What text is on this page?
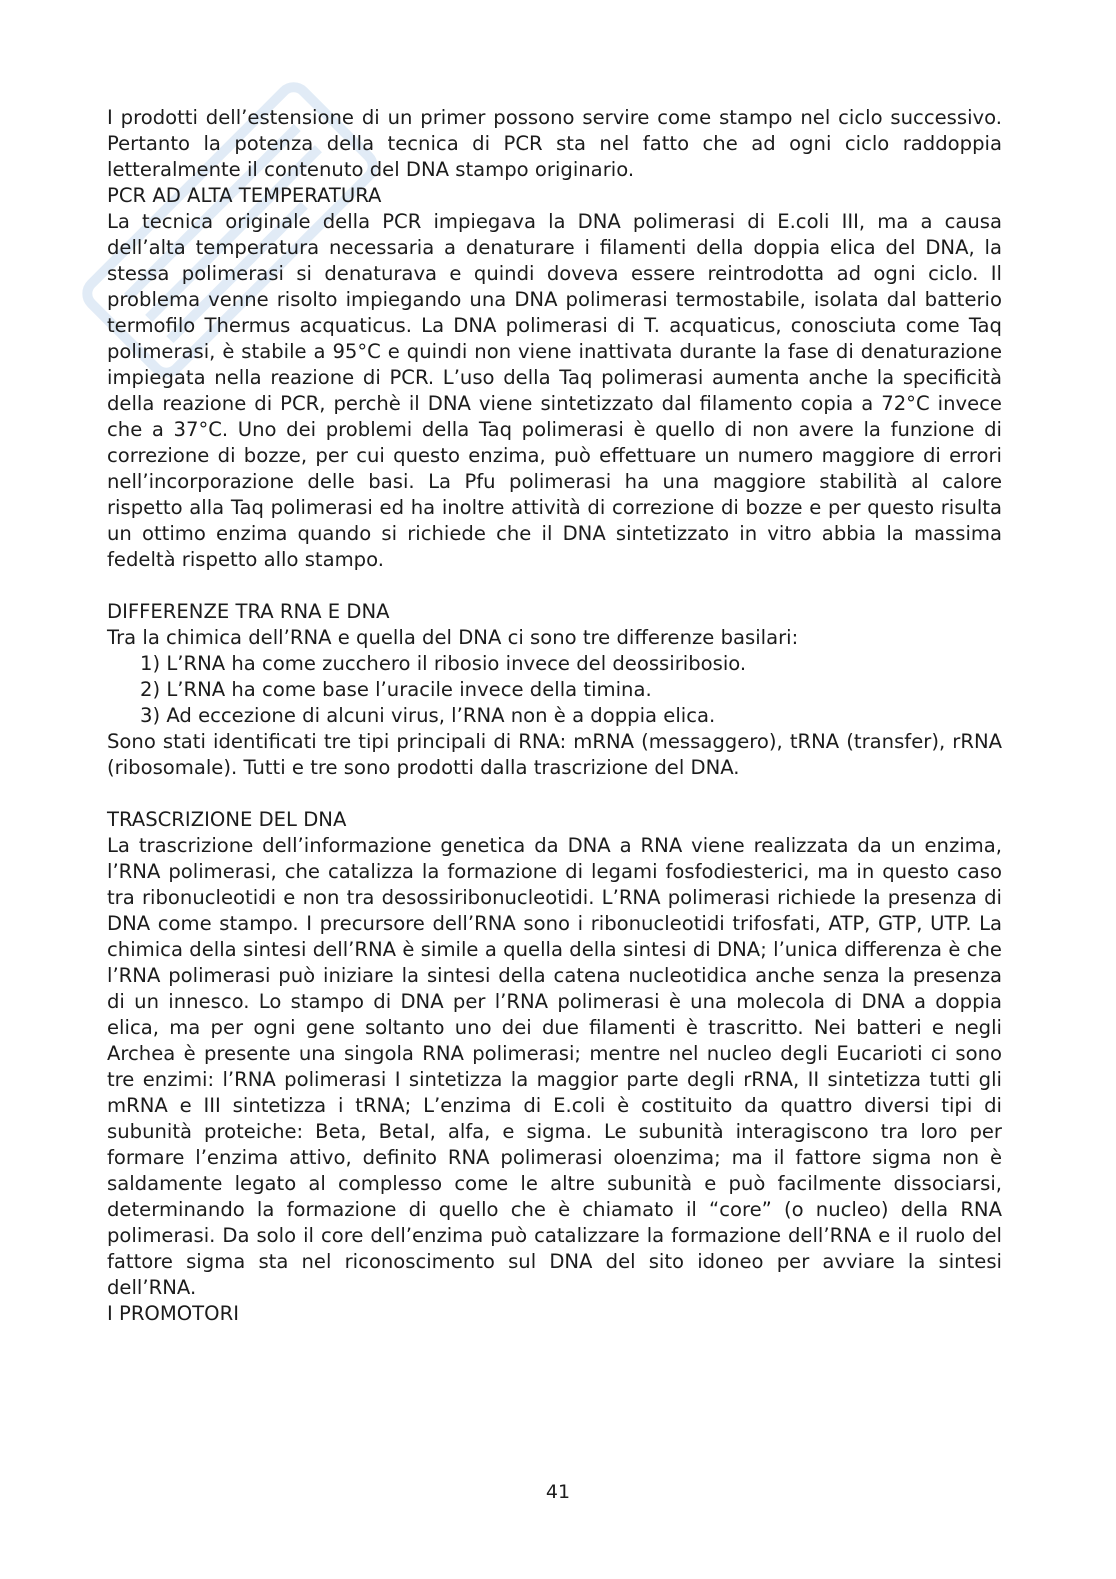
I prodotti dell’estensione di un primer possono servire come stampo nel ciclo successivo. Pertanto la potenza della tecnica di PCR sta nel fatto che ad ogni ciclo raddoppia letteralmente il contenuto del DNA stampo originario.

PCR AD ALTA TEMPERATURA

La tecnica originale della PCR impiegava la DNA polimerasi di E.coli III, ma a causa dell’alta temperatura necessaria a denaturare i filamenti della doppia elica del DNA, la stessa polimerasi si denaturava e quindi doveva essere reintrodotta ad ogni ciclo. Il problema venne risolto impiegando una DNA polimerasi termostabile, isolata dal batterio termofilo Thermus acquaticus. La DNA polimerasi di T. acquaticus, conosciuta come Taq polimerasi, è stabile a 95°C e quindi non viene inattivata durante la fase di denaturazione impiegata nella reazione di PCR. L’uso della Taq polimerasi aumenta anche la specificità della reazione di PCR, perchè il DNA viene sintetizzato dal filamento copia a 72°C invece che a 37°C. Uno dei problemi della Taq polimerasi è quello di non avere la funzione di correzione di bozze, per cui questo enzima, può effettuare un numero maggiore di errori nell’incorporazione delle basi. La Pfu polimerasi ha una maggiore stabilità al calore rispetto alla Taq polimerasi ed ha inoltre attività di correzione di bozze e per questo risulta un ottimo enzima quando si richiede che il DNA sintetizzato in vitro abbia la massima fedeltà rispetto allo stampo.

DIFFERENZE TRA RNA E DNA

Tra la chimica dell’RNA e quella del DNA ci sono tre differenze basilari:

1) L’RNA ha come zucchero il ribosio invece del deossiribosio.
2) L’RNA ha come base l’uracile invece della timina.
3) Ad eccezione di alcuni virus, l’RNA non è a doppia elica.

Sono stati identificati tre tipi principali di RNA: mRNA (messaggero), tRNA (transfer), rRNA (ribosomale). Tutti e tre sono prodotti dalla trascrizione del DNA.

TRASCRIZIONE DEL DNA

La trascrizione dell’informazione genetica da DNA a RNA viene realizzata da un enzima, l’RNA polimerasi, che catalizza la formazione di legami fosfodiesterici, ma in questo caso tra ribonucleotidi e non tra desossiribonucleotidi. L’RNA polimerasi richiede la presenza di DNA come stampo. I precursore dell’RNA sono i ribonucleotidi trifosfati, ATP, GTP, UTP. La chimica della sintesi dell’RNA è simile a quella della sintesi di DNA; l’unica differenza è che l’RNA polimerasi può iniziare la sintesi della catena nucleotidica anche senza la presenza di un innesco. Lo stampo di DNA per l’RNA polimerasi è una molecola di DNA a doppia elica, ma per ogni gene soltanto uno dei due filamenti è trascritto. Nei batteri e negli Archea è presente una singola RNA polimerasi; mentre nel nucleo degli Eucarioti ci sono tre enzimi: l’RNA polimerasi I sintetizza la maggior parte degli rRNA, II sintetizza tutti gli mRNA e III sintetizza i tRNA; L’enzima di E.coli è costituito da quattro diversi tipi di subunità proteiche: Beta, BetaI, alfa, e sigma. Le subunità interagiscono tra loro per formare l’enzima attivo, definito RNA polimerasi oloenzima; ma il fattore sigma non è saldamente legato al complesso come le altre subunità e può facilmente dissociarsi, determinando la formazione di quello che è chiamato il “core” (o nucleo) della RNA polimerasi. Da solo il core dell’enzima può catalizzare la formazione dell’RNA e il ruolo del fattore sigma sta nel riconoscimento sul DNA del sito idoneo per avviare la sintesi dell’RNA.

I PROMOTORI
41
